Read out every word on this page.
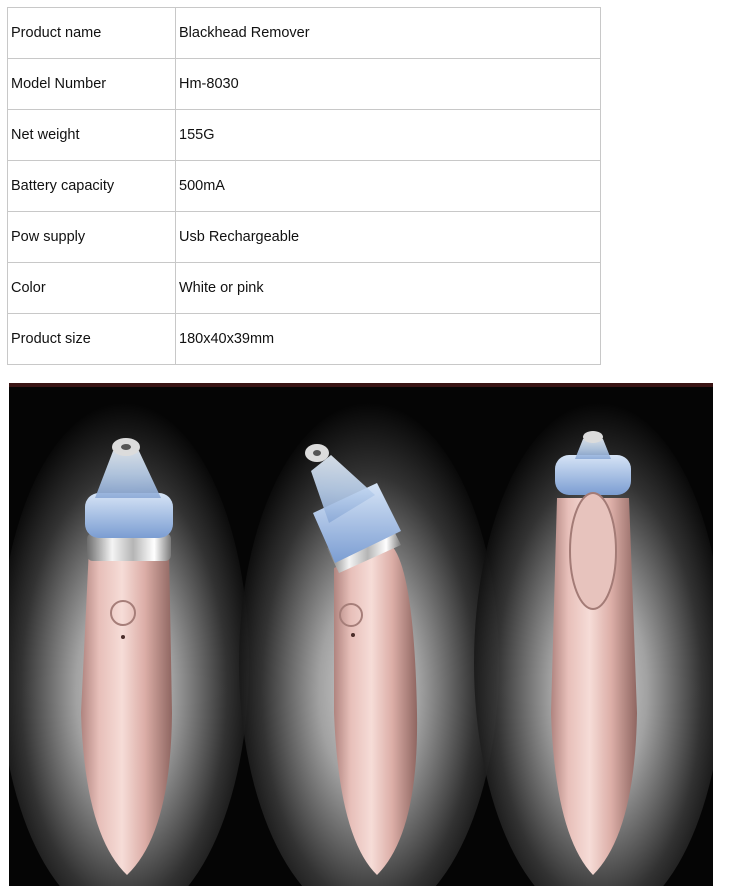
Product name	Blackhead Remover
Model Number	Hm-8030
Net weight	155G
Battery capacity	500mA
Pow supply	Usb Rechargeable
Color	White or pink
Product size	180x40x39mm
